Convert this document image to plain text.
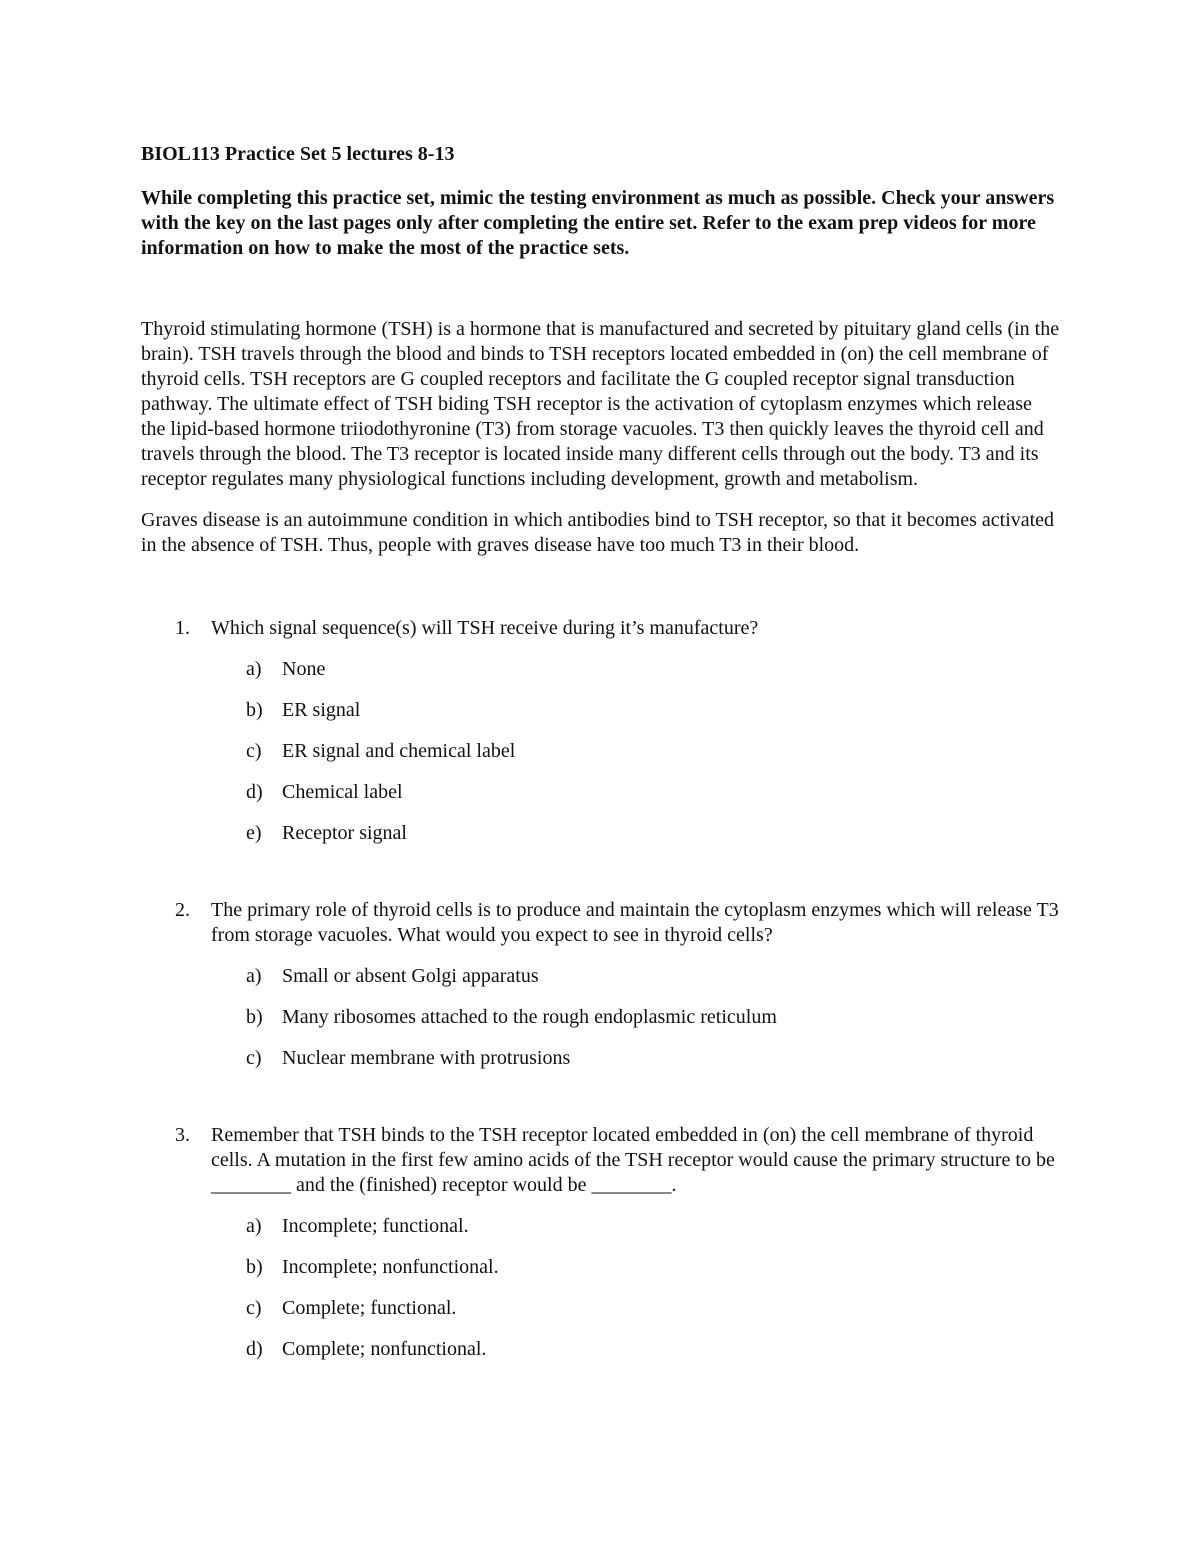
BIOL113 Practice Set 5 lectures 8-13

While completing this practice set, mimic the testing environment as much as possible. Check your answers with the key on the last pages only after completing the entire set. Refer to the exam prep videos for more information on how to make the most of the practice sets.

Thyroid stimulating hormone (TSH) is a hormone that is manufactured and secreted by pituitary gland cells (in the brain). TSH travels through the blood and binds to TSH receptors located embedded in (on) the cell membrane of thyroid cells. TSH receptors are G coupled receptors and facilitate the G coupled receptor signal transduction pathway. The ultimate effect of TSH biding TSH receptor is the activation of cytoplasm enzymes which release the lipid-based hormone triiodothyronine (T3) from storage vacuoles. T3 then quickly leaves the thyroid cell and travels through the blood. The T3 receptor is located inside many different cells through out the body. T3 and its receptor regulates many physiological functions including development, growth and metabolism.

Graves disease is an autoimmune condition in which antibodies bind to TSH receptor, so that it becomes activated in the absence of TSH. Thus, people with graves disease have too much T3 in their blood.

1. Which signal sequence(s) will TSH receive during it’s manufacture?

a) None
b) ER signal
c) ER signal and chemical label
d) Chemical label
e) Receptor signal
2. The primary role of thyroid cells is to produce and maintain the cytoplasm enzymes which will release T3 from storage vacuoles. What would you expect to see in thyroid cells?

a) Small or absent Golgi apparatus
b) Many ribosomes attached to the rough endoplasmic reticulum
c) Nuclear membrane with protrusions
3. Remember that TSH binds to the TSH receptor located embedded in (on) the cell membrane of thyroid cells. A mutation in the first few amino acids of the TSH receptor would cause the primary structure to be ________ and the (finished) receptor would be ________.

a) Incomplete; functional.
b) Incomplete; nonfunctional.
c) Complete; functional.
d) Complete; nonfunctional.
